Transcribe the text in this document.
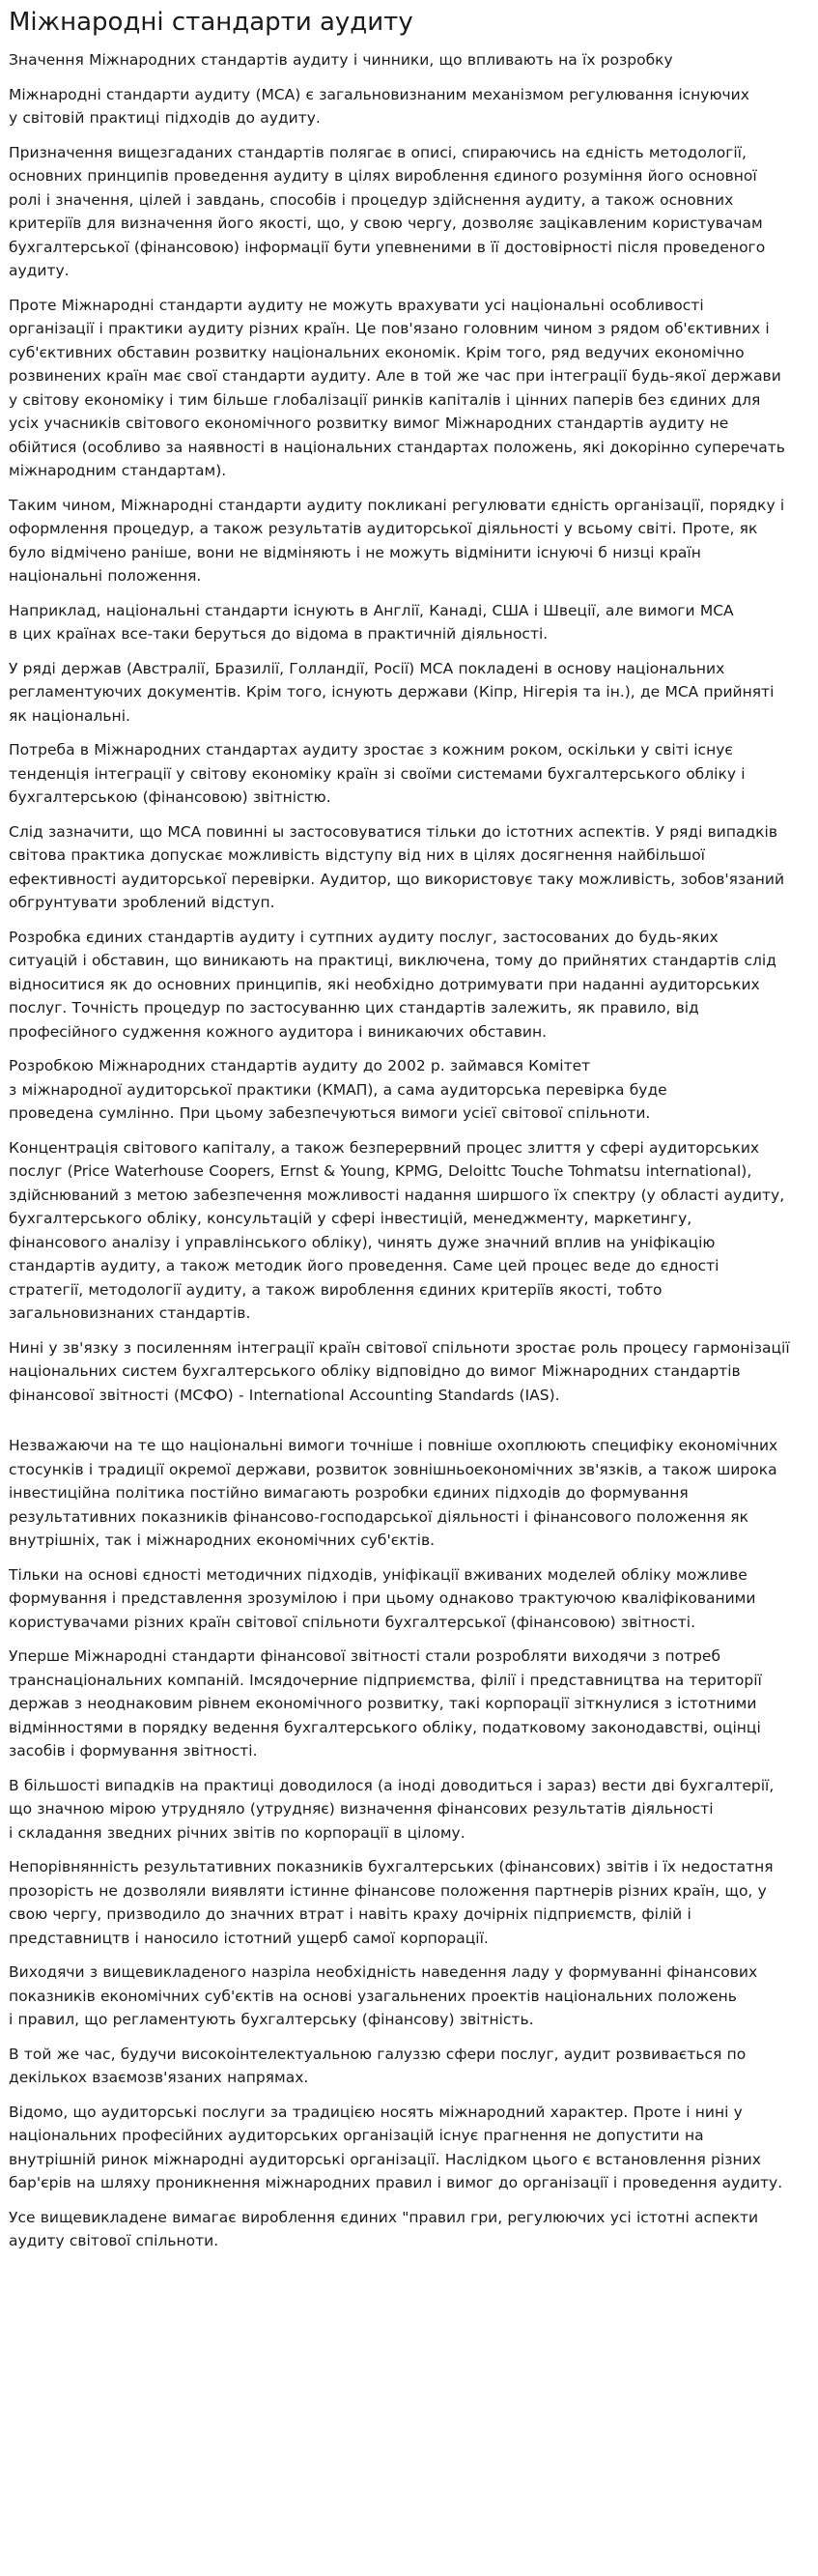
Міжнародні стандарти аудиту

Значення Міжнародних стандартів аудиту і чинники, що впливають на їх розробку

Міжнародні стандарти аудиту (МСА) є загальновизнаним механізмом регулювання існуючих
у світовій практиці підходів до аудиту.

Призначення вищезгаданих стандартів полягає в описі, спираючись на єдність методології,
основних принципів проведення аудиту в цілях вироблення єдиного розуміння його основної
ролі і значення, цілей і завдань, способів і процедур здійснення аудиту, а також основних
критеріїв для визначення його якості, що, у свою чергу, дозволяє зацікавленим користувачам
бухгалтерської (фінансовою) інформації бути упевненими в її достовірності після проведеного
аудиту.

Проте Міжнародні стандарти аудиту не можуть врахувати усі національні особливості
організації і практики аудиту різних країн. Це пов'язано головним чином з рядом об'єктивних і
суб'єктивних обставин розвитку національних економік. Крім того, ряд ведучих економічно
розвинених країн має свої стандарти аудиту. Але в той же час при інтеграції будь-якої держави
у світову економіку і тим більше глобалізації ринків капіталів і цінних паперів без єдиних для
усіх учасників світового економічного розвитку вимог Міжнародних стандартів аудиту не
обійтися (особливо за наявності в національних стандартах положень, які докорінно суперечать
міжнародним стандартам).

Таким чином, Міжнародні стандарти аудиту покликані регулювати єдність організації, порядку і
оформлення процедур, а також результатів аудиторської діяльності у всьому світі. Проте, як
було відмічено раніше, вони не відміняють і не можуть відмінити існуючі б низці країн
національні положення.

Наприклад, національні стандарти існують в Англії, Канаді, США і Швеції, але вимоги МСА
в цих країнах все-таки беруться до відома в практичній діяльності.

У ряді держав (Австралії, Бразилії, Голландії, Росії) МСА покладені в основу національних
регламентуючих документів. Крім того, існують держави (Кіпр, Нігерія та ін.), де МСА прийняті
як національні.

Потреба в Міжнародних стандартах аудиту зростає з кожним роком, оскільки у світі існує
тенденція інтеграції у світову економіку країн зі своїми системами бухгалтерського обліку і
бухгалтерською (фінансовою) звітністю.

Слід зазначити, що МСА повинні ы застосовуватися тільки до істотних аспектів. У ряді випадків
світова практика допускає можливість відступу від них в цілях досягнення найбільшої
ефективності аудиторської перевірки. Аудитор, що використовує таку можливість, зобов'язаний
обгрунтувати зроблений відступ.

Розробка єдиних стандартів аудиту і сутпних аудиту послуг, застосованих до будь-яких
ситуацій і обставин, що виникають на практиці, виключена, тому до прийнятих стандартів слід
відноситися як до основних принципів, які необхідно дотримувати при наданні аудиторських
послуг. Точність процедур по застосуванню цих стандартів залежить, як правило, від
професійного судження кожного аудитора і виникаючих обставин.

Розробкою Міжнародних стандартів аудиту до 2002 р. займався Комітет
з міжнародної аудиторської практики (КМАП), а сама аудиторська перевірка буде
проведена сумлінно. При цьому забезпечуються вимоги усієї світової спільноти.

Концентрація світового капіталу, а також безперервний процес злиття у сфері аудиторських
послуг (Price Waterhouse Coopers, Ernst & Young, KPMG, Deloittc Touche Tohmatsu international),
здійснюваний з метою забезпечення можливості надання ширшого їх спектру (у області аудиту,
бухгалтерського обліку, консультацій у сфері інвестицій, менеджменту, маркетингу,
фінансового аналізу і управлінського обліку), чинять дуже значний вплив на уніфікацію
стандартів аудиту, а також методик його проведення. Саме цей процес веде до єдності
стратегії, методології аудиту, а також вироблення єдиних критеріїв якості, тобто
загальновизнаних стандартів.

Нині у зв'язку з посиленням інтеграції країн світової спільноти зростає роль процесу гармонізації
національних систем бухгалтерського обліку відповідно до вимог Міжнародних стандартів
фінансової звітності (МСФО) - International Accounting Standards (IAS).

Незважаючи на те що національні вимоги точніше і повніше охоплюють специфіку економічних
стосунків і традиції окремої держави, розвиток зовнішньоекономічних зв'язків, а також широка
інвестиційна політика постійно вимагають розробки єдиних підходів до формування
результативних показників фінансово-господарської діяльності і фінансового положення як
внутрішніх, так і міжнародних економічних суб'єктів.

Тільки на основі єдності методичних підходів, уніфікації вживаних моделей обліку можливе
формування і представлення зрозумілою і при цьому однаково трактуючою кваліфікованими
користувачами різних країн світової спільноти бухгалтерської (фінансовою) звітності.

Уперше Міжнародні стандарти фінансової звітності стали розробляти виходячи з потреб
транснаціональних компаній. Імсядочерние підприємства, філії і представництва на території
держав з неоднаковим рівнем економічного розвитку, такі корпорації зіткнулися з істотними
відмінностями в порядку ведення бухгалтерського обліку, податковому законодавстві, оцінці
засобів і формування звітності.

В більшості випадків на практиці доводилося (а іноді доводиться і зараз) вести дві бухгалтерії,
що значною мірою утрудняло (утрудняє) визначення фінансових результатів діяльності
і складання зведних річних звітів по корпорації в цілому.

Непорівнянність результативних показників бухгалтерських (фінансових) звітів і їх недостатня
прозорість не дозволяли виявляти істинне фінансове положення партнерів різних країн, що, у
свою чергу, призводило до значних втрат і навіть краху дочірніх підприємств, філій і
представництв і наносило істотний ущерб самої корпорації.

Виходячи з вищевикладеного назріла необхідність наведення ладу у формуванні фінансових
показників економічних суб'єктів на основі узагальнених проектів національних положень
і правил, що регламентують бухгалтерську (фінансову) звітність.

В той же час, будучи високоінтелектуальною галуззю сфери послуг, аудит розвивається по
декількох взаємозв'язаних напрямах.

Відомо, що аудиторські послуги за традицією носять міжнародний характер. Проте і нині у
національних професійних аудиторських організацій існує прагнення не допустити на
внутрішній ринок міжнародні аудиторські організації. Наслідком цього є встановлення різних
бар'єрів на шляху проникнення міжнародних правил і вимог до організації і проведення аудиту.

Усе вищевикладене вимагає вироблення єдиних "правил гри, регулюючих усі істотні аспекти
аудиту світової спільноти.
